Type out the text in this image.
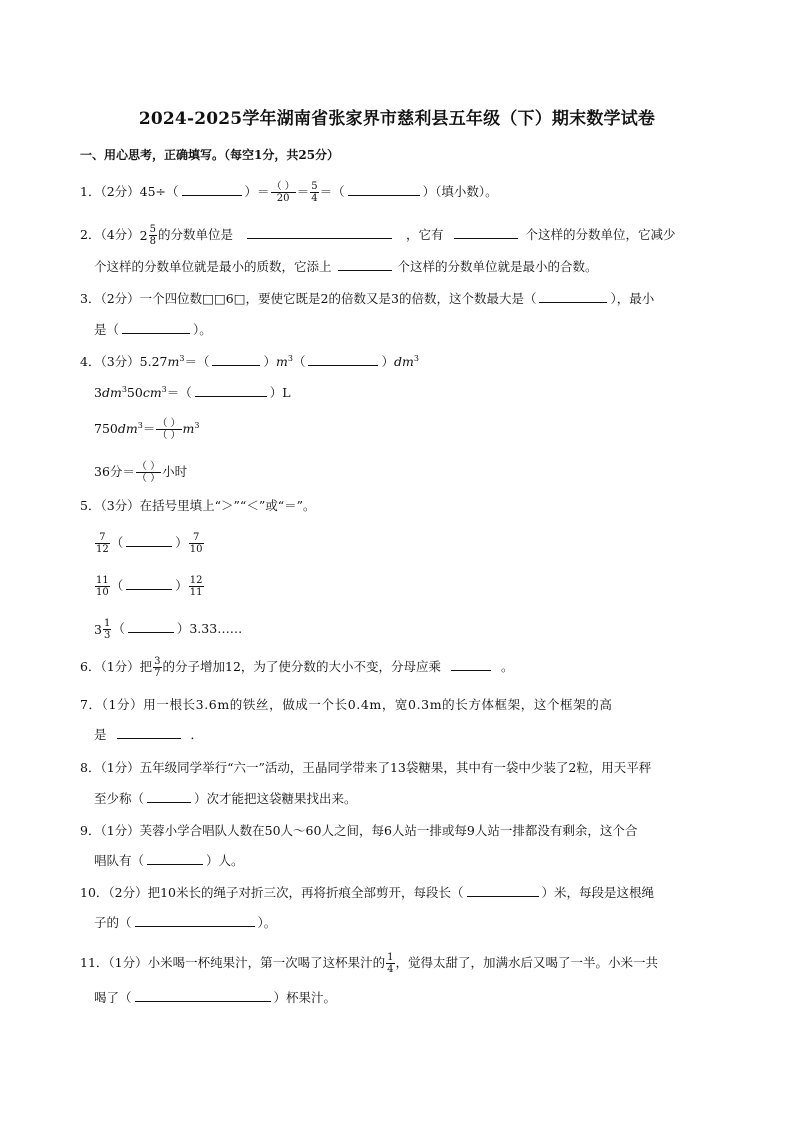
2024-2025学年湖南省张家界市慈利县五年级（下）期末数学试卷
一、用心思考，正确填写。（每空1分，共25分）
1．（2分）45÷（	）＝ $\frac{( )}{20} = \frac{5}{4}$ ＝（	）（填小数）。
2．（4分）$2 \frac{5}{8}$ 的分数单位是	，它有	个这样的分数单位，它减少
个这样的分数单位就是最小的质数，它添上	个这样的分数单位就是最小的合数。
3．（2分）一个四位数□□6□，要使它既是2的倍数又是3的倍数，这个数最大是（	），最小
是（	）。
4．（3分）$5.27m^3=$（	）$m^3$（	）$dm^3$
$3dm^350cm^3=$（	）L
$750dm^3= \frac{( )}{( )} m^3$
36分＝ $\frac{( )}{( )}$ 小时
5．（3分）在括号里填上“＞”“＜”或“＝”。
$\frac{7}{12}$ （	） $\frac{7}{10}$
$\frac{11}{10}$ （	） $\frac{12}{11}$
$3 \frac{1}{3}$ （	）3.33……
6．（1分）把 $\frac{3}{7}$ 的分子增加12，为了使分数的大小不变，分母应乘	。
7．（1分）用一根长3.6m的铁丝，做成一个长0.4m，宽0.3m的长方体框架，这个框架的高
是	．
8．（1分）五年级同学举行“六一”活动，王晶同学带来了13袋糖果，其中有一袋中少装了2粒，用天平秤
至少称（	）次才能把这袋糖果找出来。
9．（1分）芙蓉小学合唱队人数在50人～60人之间，每6人站一排或每9人站一排都没有剩余，这个合
唱队有（	）人。
10．（2分）把10米长的绳子对折三次，再将折痕全部剪开，每段长（	）米，每段是这根绳
子的（	）。
11．（1分）小米喝一杯纯果汁，第一次喝了这杯果汁的 $\frac{1}{4}$ ，觉得太甜了，加满水后又喝了一半。小米一共
喝了（	）杯果汁。
